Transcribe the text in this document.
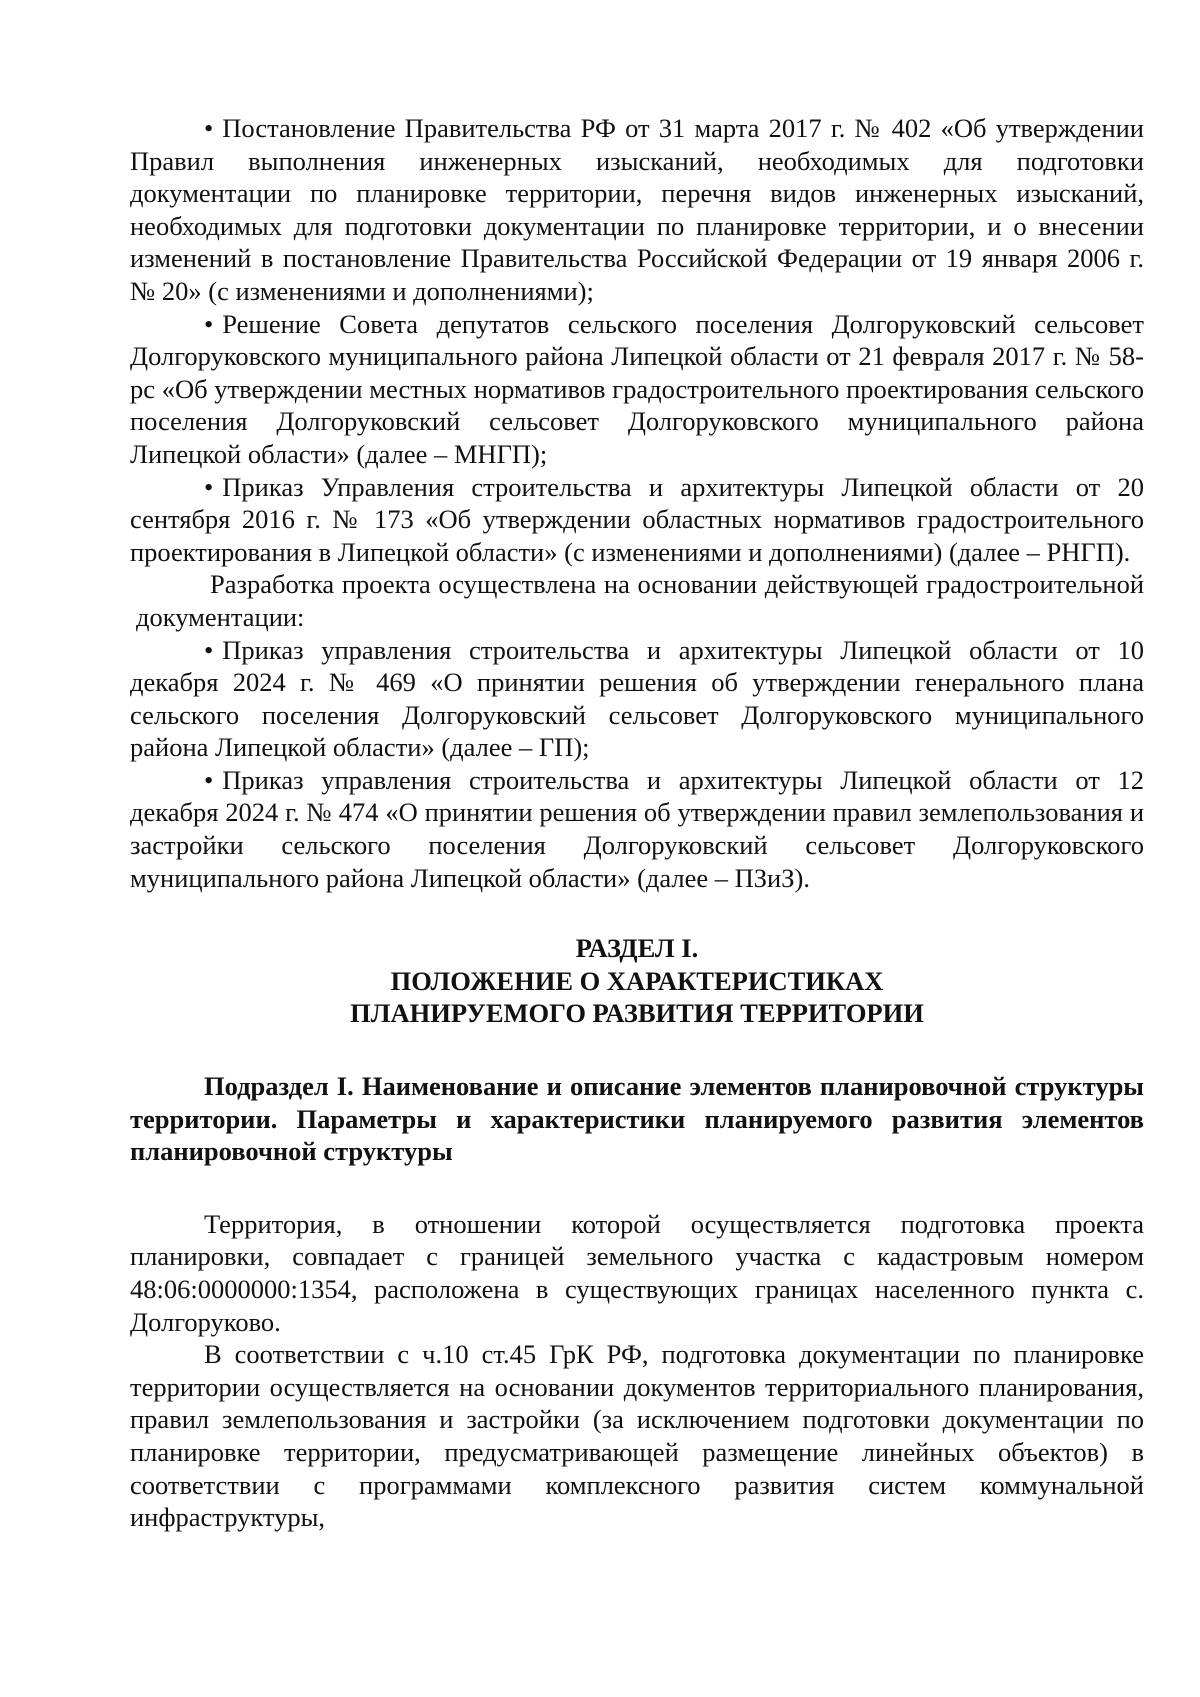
• Постановление Правительства РФ от 31 марта 2017 г. № 402 «Об утверждении Правил выполнения инженерных изысканий, необходимых для подготовки документации по планировке территории, перечня видов инженерных изысканий, необходимых для подготовки документации по планировке территории, и о внесении изменений в постановление Правительства Российской Федерации от 19 января 2006 г. № 20» (с изменениями и дополнениями);

• Решение Совета депутатов сельского поселения Долгоруковский сельсовет Долгоруковского муниципального района Липецкой области от 21 февраля 2017 г. № 58-рс «Об утверждении местных нормативов градостроительного проектирования сельского поселения Долгоруковский сельсовет Долгоруковского муниципального района Липецкой области» (далее – МНГП);

• Приказ Управления строительства и архитектуры Липецкой области от 20 сентября 2016 г. № 173 «Об утверждении областных нормативов градостроительного проектирования в Липецкой области» (с изменениями и дополнениями) (далее – РНГП).

Разработка проекта осуществлена на основании действующей градостроительной документации:

• Приказ управления строительства и архитектуры Липецкой области от 10 декабря 2024 г. № 469 «О принятии решения об утверждении генерального плана сельского поселения Долгоруковский сельсовет Долгоруковского муниципального района Липецкой области» (далее – ГП);

• Приказ управления строительства и архитектуры Липецкой области от 12 декабря 2024 г. № 474 «О принятии решения об утверждении правил землепользования и застройки сельского поселения Долгоруковский сельсовет Долгоруковского муниципального района Липецкой области» (далее – ПЗиЗ).

РАЗДЕЛ I.
ПОЛОЖЕНИЕ О ХАРАКТЕРИСТИКАХ
ПЛАНИРУЕМОГО РАЗВИТИЯ ТЕРРИТОРИИ

Подраздел I. Наименование и описание элементов планировочной структуры территории. Параметры и характеристики планируемого развития элементов планировочной структуры

Территория, в отношении которой осуществляется подготовка проекта планировки, совпадает с границей земельного участка с кадастровым номером 48:06:0000000:1354, расположена в существующих границах населенного пункта с. Долгоруково.

В соответствии с ч.10 ст.45 ГрК РФ, подготовка документации по планировке территории осуществляется на основании документов территориального планирования, правил землепользования и застройки (за исключением подготовки документации по планировке территории, предусматривающей размещение линейных объектов) в соответствии с программами комплексного развития систем коммунальной инфраструктуры,
